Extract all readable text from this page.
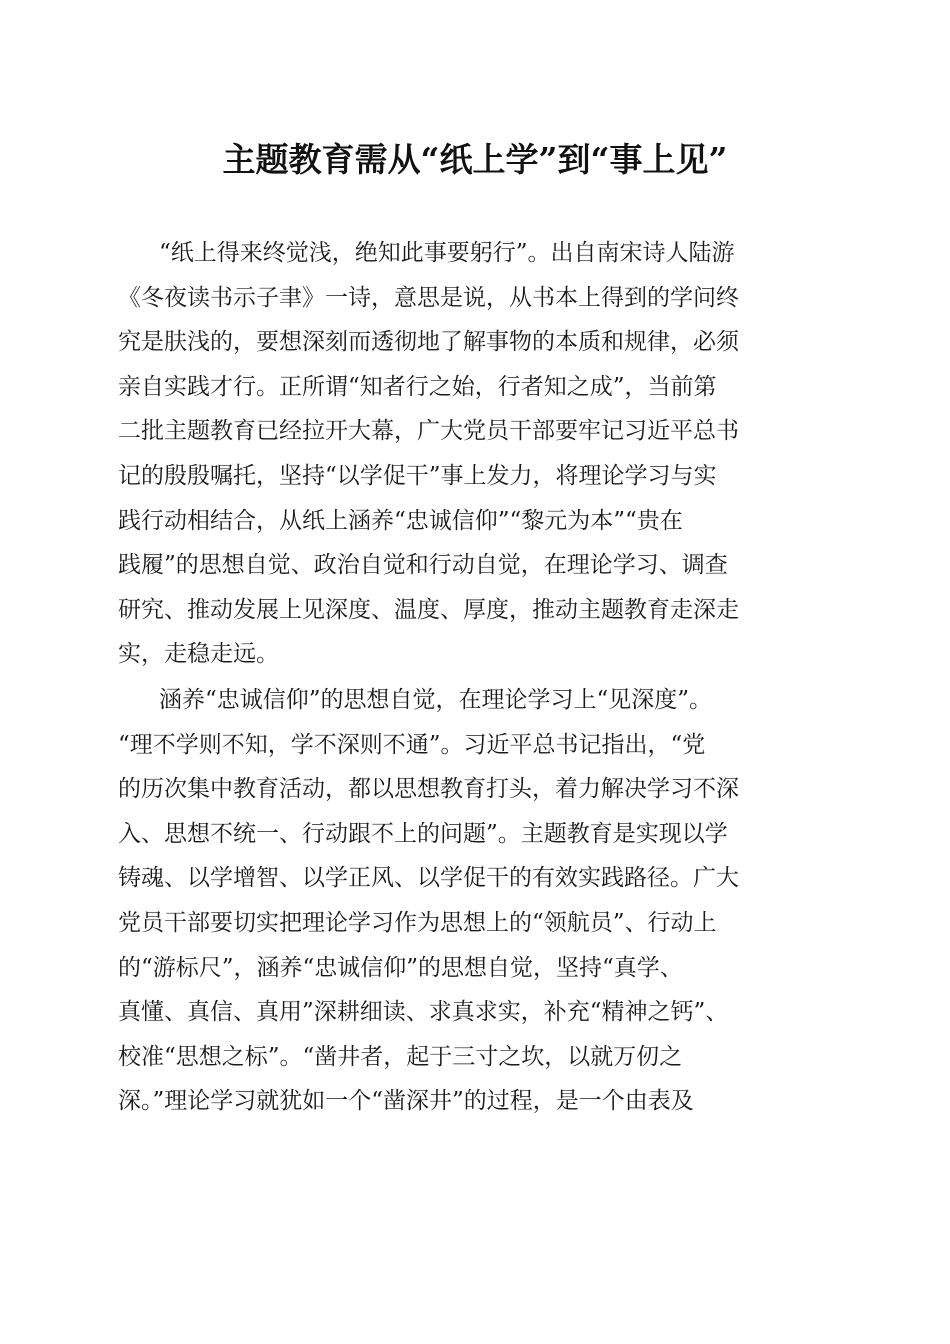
主题教育需从“纸上学”到“事上见”
“纸上得来终觉浅，绝知此事要躬行”。出自南宋诗人陆游
《冬夜读书示子聿》一诗，意思是说，从书本上得到的学问终
究是肤浅的，要想深刻而透彻地了解事物的本质和规律，必须
亲自实践才行。正所谓“知者行之始，行者知之成”，当前第
二批主题教育已经拉开大幕，广大党员干部要牢记习近平总书
记的殷殷嘱托，坚持“以学促干”事上发力，将理论学习与实
践行动相结合，从纸上涵养“忠诚信仰”“黎元为本”“贵在
践履”的思想自觉、政治自觉和行动自觉，在理论学习、调查
研究、推动发展上见深度、温度、厚度，推动主题教育走深走
实，走稳走远。
涵养“忠诚信仰”的思想自觉，在理论学习上“见深度”。
“理不学则不知，学不深则不通”。习近平总书记指出，“党
的历次集中教育活动，都以思想教育打头，着力解决学习不深
入、思想不统一、行动跟不上的问题”。主题教育是实现以学
铸魂、以学增智、以学正风、以学促干的有效实践路径。广大
党员干部要切实把理论学习作为思想上的“领航员”、行动上
的“游标尺”，涵养“忠诚信仰”的思想自觉，坚持“真学、
真懂、真信、真用”深耕细读、求真求实，补充“精神之钙”、
校准“思想之标”。“凿井者，起于三寸之坎，以就万仞之
深。”理论学习就犹如一个“凿深井”的过程，是一个由表及
